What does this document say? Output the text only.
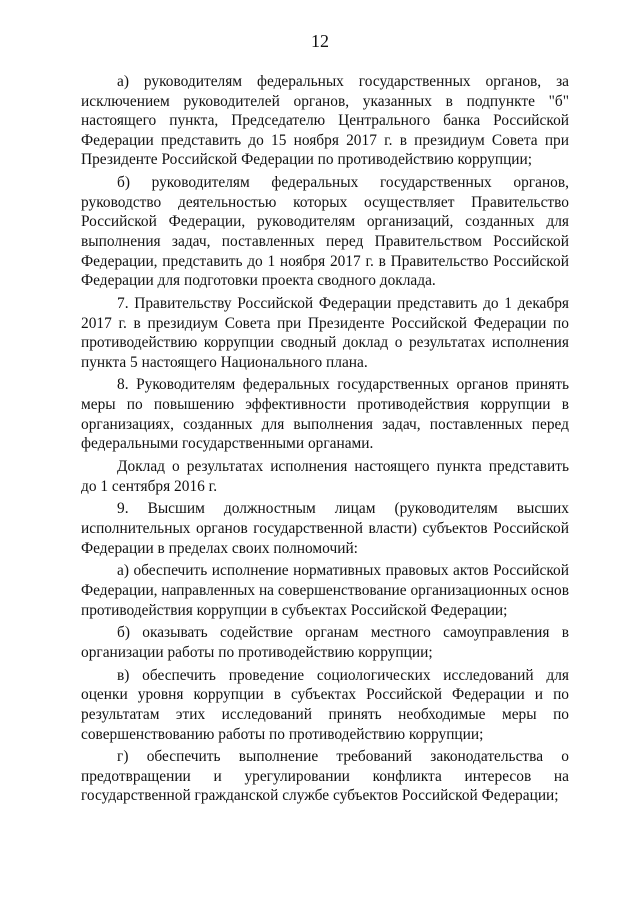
12

а) руководителям федеральных государственных органов, за исключением руководителей органов, указанных в подпункте "б" настоящего пункта, Председателю Центрального банка Российской Федерации представить до 15 ноября 2017 г. в президиум Совета при Президенте Российской Федерации по противодействию коррупции;

б) руководителям федеральных государственных органов, руководство деятельностью которых осуществляет Правительство Российской Федерации, руководителям организаций, созданных для выполнения задач, поставленных перед Правительством Российской Федерации, представить до 1 ноября 2017 г. в Правительство Российской Федерации для подготовки проекта сводного доклада.

7. Правительству Российской Федерации представить до 1 декабря 2017 г. в президиум Совета при Президенте Российской Федерации по противодействию коррупции сводный доклад о результатах исполнения пункта 5 настоящего Национального плана.

8. Руководителям федеральных государственных органов принять меры по повышению эффективности противодействия коррупции в организациях, созданных для выполнения задач, поставленных перед федеральными государственными органами.

Доклад о результатах исполнения настоящего пункта представить до 1 сентября 2016 г.

9. Высшим должностным лицам (руководителям высших исполнительных органов государственной власти) субъектов Российской Федерации в пределах своих полномочий:

а) обеспечить исполнение нормативных правовых актов Российской Федерации, направленных на совершенствование организационных основ противодействия коррупции в субъектах Российской Федерации;

б) оказывать содействие органам местного самоуправления в организации работы по противодействию коррупции;

в) обеспечить проведение социологических исследований для оценки уровня коррупции в субъектах Российской Федерации и по результатам этих исследований принять необходимые меры по совершенствованию работы по противодействию коррупции;

г) обеспечить выполнение требований законодательства о предотвращении и урегулировании конфликта интересов на государственной гражданской службе субъектов Российской Федерации;
